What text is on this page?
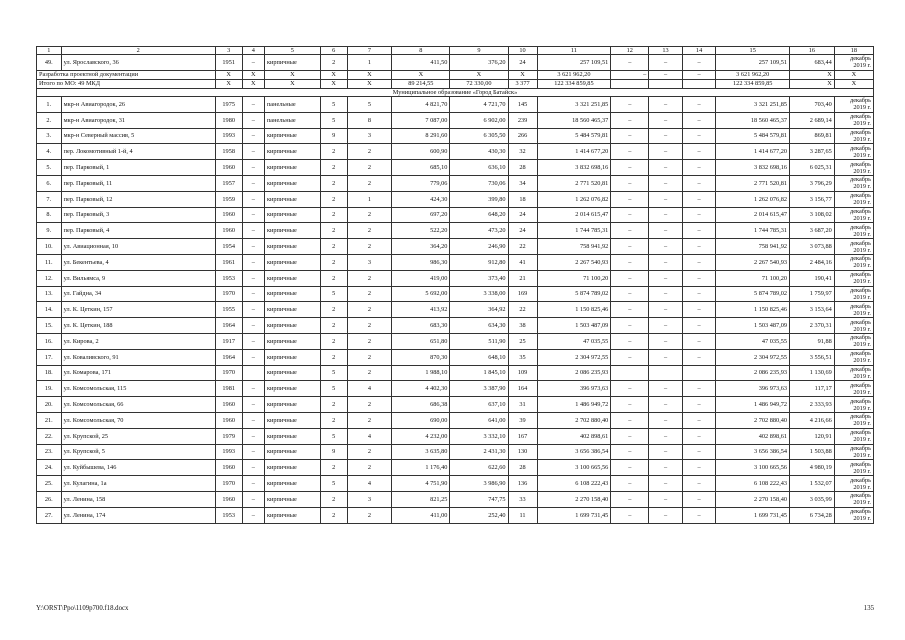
1	2	3	4	5	6	7	8	9	10	11	12	13	14	15	16	18
49.	ул. Ярославского, 36	1951	–	кирпичные	2	1	411,50	376,20	24	257 109,51	–	–	–	257 109,51	683,44	декабрь 2019 г.
Разработка проектной документации		X	X	X	X	X	X	X	X	3 621 962,20	–	–	–	3 621 962,20	X	X
Итого по МО: 49 МКД		X	X	X	X	X	89 214,55	72 330,00	3 377	122 334 859,85				122 334 859,85	X	X
Муниципальное образование «Город Батайск»																
1.	мкр-н Авиагородок, 26	1975	–	панельные	5	5	4 821,70	4 721,70	145	3 321 251,85	–	–	–	3 321 251,85	703,40	декабрь 2019 г.
2.	мкр-н Авиагородок, 31	1980	–	панельные	5	8	7 087,00	6 902,00	239	18 560 465,37	–	–	–	18 560 465,37	2 689,14	декабрь 2019 г.
3.	мкр-н Северный массив, 5	1993	–	кирпичные	9	3	8 291,60	6 305,50	266	5 484 579,81	–	–	–	5 484 579,81	869,81	декабрь 2019 г.
4.	пер. Локомотивный 1-й, 4	1958	–	кирпичные	2	2	600,90	430,30	32	1 414 677,20	–	–	–	1 414 677,20	3 287,65	декабрь 2019 г.
5.	пер. Парковый, 1	1960	–	кирпичные	2	2	685,10	636,10	28	3 832 698,16	–	–	–	3 832 698,16	6 025,31	декабрь 2019 г.
6.	пер. Парковый, 11	1957	–	кирпичные	2	2	779,06	730,06	34	2 771 520,81	–	–	–	2 771 520,81	3 796,29	декабрь 2019 г.
7.	пер. Парковый, 12	1959	–	кирпичные	2	1	424,30	399,80	18	1 262 076,82	–	–	–	1 262 076,82	3 156,77	декабрь 2019 г.
8.	пер. Парковый, 3	1960	–	кирпичные	2	2	697,20	648,20	24	2 014 615,47	–	–	–	2 014 615,47	3 108,02	декабрь 2019 г.
9.	пер. Парковый, 4	1960	–	кирпичные	2	2	522,20	473,20	24	1 744 785,31	–	–	–	1 744 785,31	3 687,20	декабрь 2019 г.
10.	ул. Авиационная, 10	1954	–	кирпичные	2	2	364,20	246,90	22	758 941,92	–	–	–	758 941,92	3 073,88	декабрь 2019 г.
11.	ул. Бекентьева, 4	1961	–	кирпичные	2	3	986,30	912,80	41	2 267 540,93	–	–	–	2 267 540,93	2 484,16	декабрь 2019 г.
12.	ул. Вильямса, 9	1953	–	кирпичные	2	2	419,00	373,40	21	71 100,20	–	–	–	71 100,20	190,41	декабрь 2019 г.
13.	ул. Гайдна, 34	1970	–	кирпичные	5	2	5 692,00	3 338,00	169	5 874 789,02	–	–	–	5 874 789,02	1 759,97	декабрь 2019 г.
14.	ул. К. Цеткин, 157	1955	–	кирпичные	2	2	413,92	364,92	22	1 150 825,46	–	–	–	1 150 825,46	3 153,64	декабрь 2019 г.
15.	ул. К. Цеткин, 188	1964	–	кирпичные	2	2	683,30	634,30	38	1 503 487,09	–	–	–	1 503 487,09	2 370,31	декабрь 2019 г.
16.	ул. Кирова, 2	1917	–	кирпичные	2	2	651,80	511,90	25	47 035,55	–	–	–	47 035,55	91,88	декабрь 2019 г.
17.	ул. Коваливского, 91	1964	–	кирпичные	2	2	870,30	648,10	35	2 304 972,55	–	–	–	2 304 972,55	3 556,51	декабрь 2019 г.
18.	ул. Комарова, 171	1970		кирпичные	5	2	1 988,10	1 845,10	109	2 086 235,93				2 086 235,93	1 130,69	декабрь 2019 г.
19.	ул. Комсомольская, 115	1981	–	кирпичные	5	4	4 402,30	3 387,90	164	396 973,63	–	–	–	396 973,63	117,17	декабрь 2019 г.
20.	ул. Комсомольская, 66	1960	–	кирпичные	2	2	686,38	637,10	31	1 486 949,72	–	–	–	1 486 949,72	2 333,93	декабрь 2019 г.
21.	ул. Комсомольская, 70	1960	–	кирпичные	2	2	690,00	641,00	39	2 702 880,40	–	–	–	2 702 880,40	4 216,66	декабрь 2019 г.
22.	ул. Крупской, 25	1979	–	кирпичные	5	4	4 232,00	3 332,10	167	402 898,61	–	–	–	402 898,61	120,91	декабрь 2019 г.
23.	ул. Крупской, 5	1993	–	кирпичные	9	2	3 635,80	2 431,30	130	3 656 386,54	–	–	–	3 656 386,54	1 503,88	декабрь 2019 г.
24.	ул. Куйбышева, 146	1960	–	кирпичные	2	2	1 176,40	622,60	28	3 100 665,56	–	–	–	3 100 665,56	4 980,19	декабрь 2019 г.
25.	ул. Кулагина, 1а	1970	–	кирпичные	5	4	4 751,90	3 986,90	136	6 108 222,43	–	–	–	6 108 222,43	1 532,07	декабрь 2019 г.
26.	ул. Ленина, 158	1960	–	кирпичные	2	3	821,25	747,75	33	2 270 158,40	–	–	–	2 270 158,40	3 035,99	декабрь 2019 г.
27.	ул. Ленина, 174	1953	–	кирпичные	2	2	411,00	252,40	11	1 699 731,45	–	–	–	1 699 731,45	6 734,28	декабрь 2019 г.
Y:\ORST\Ppo\1109p700.f18.docx	135
